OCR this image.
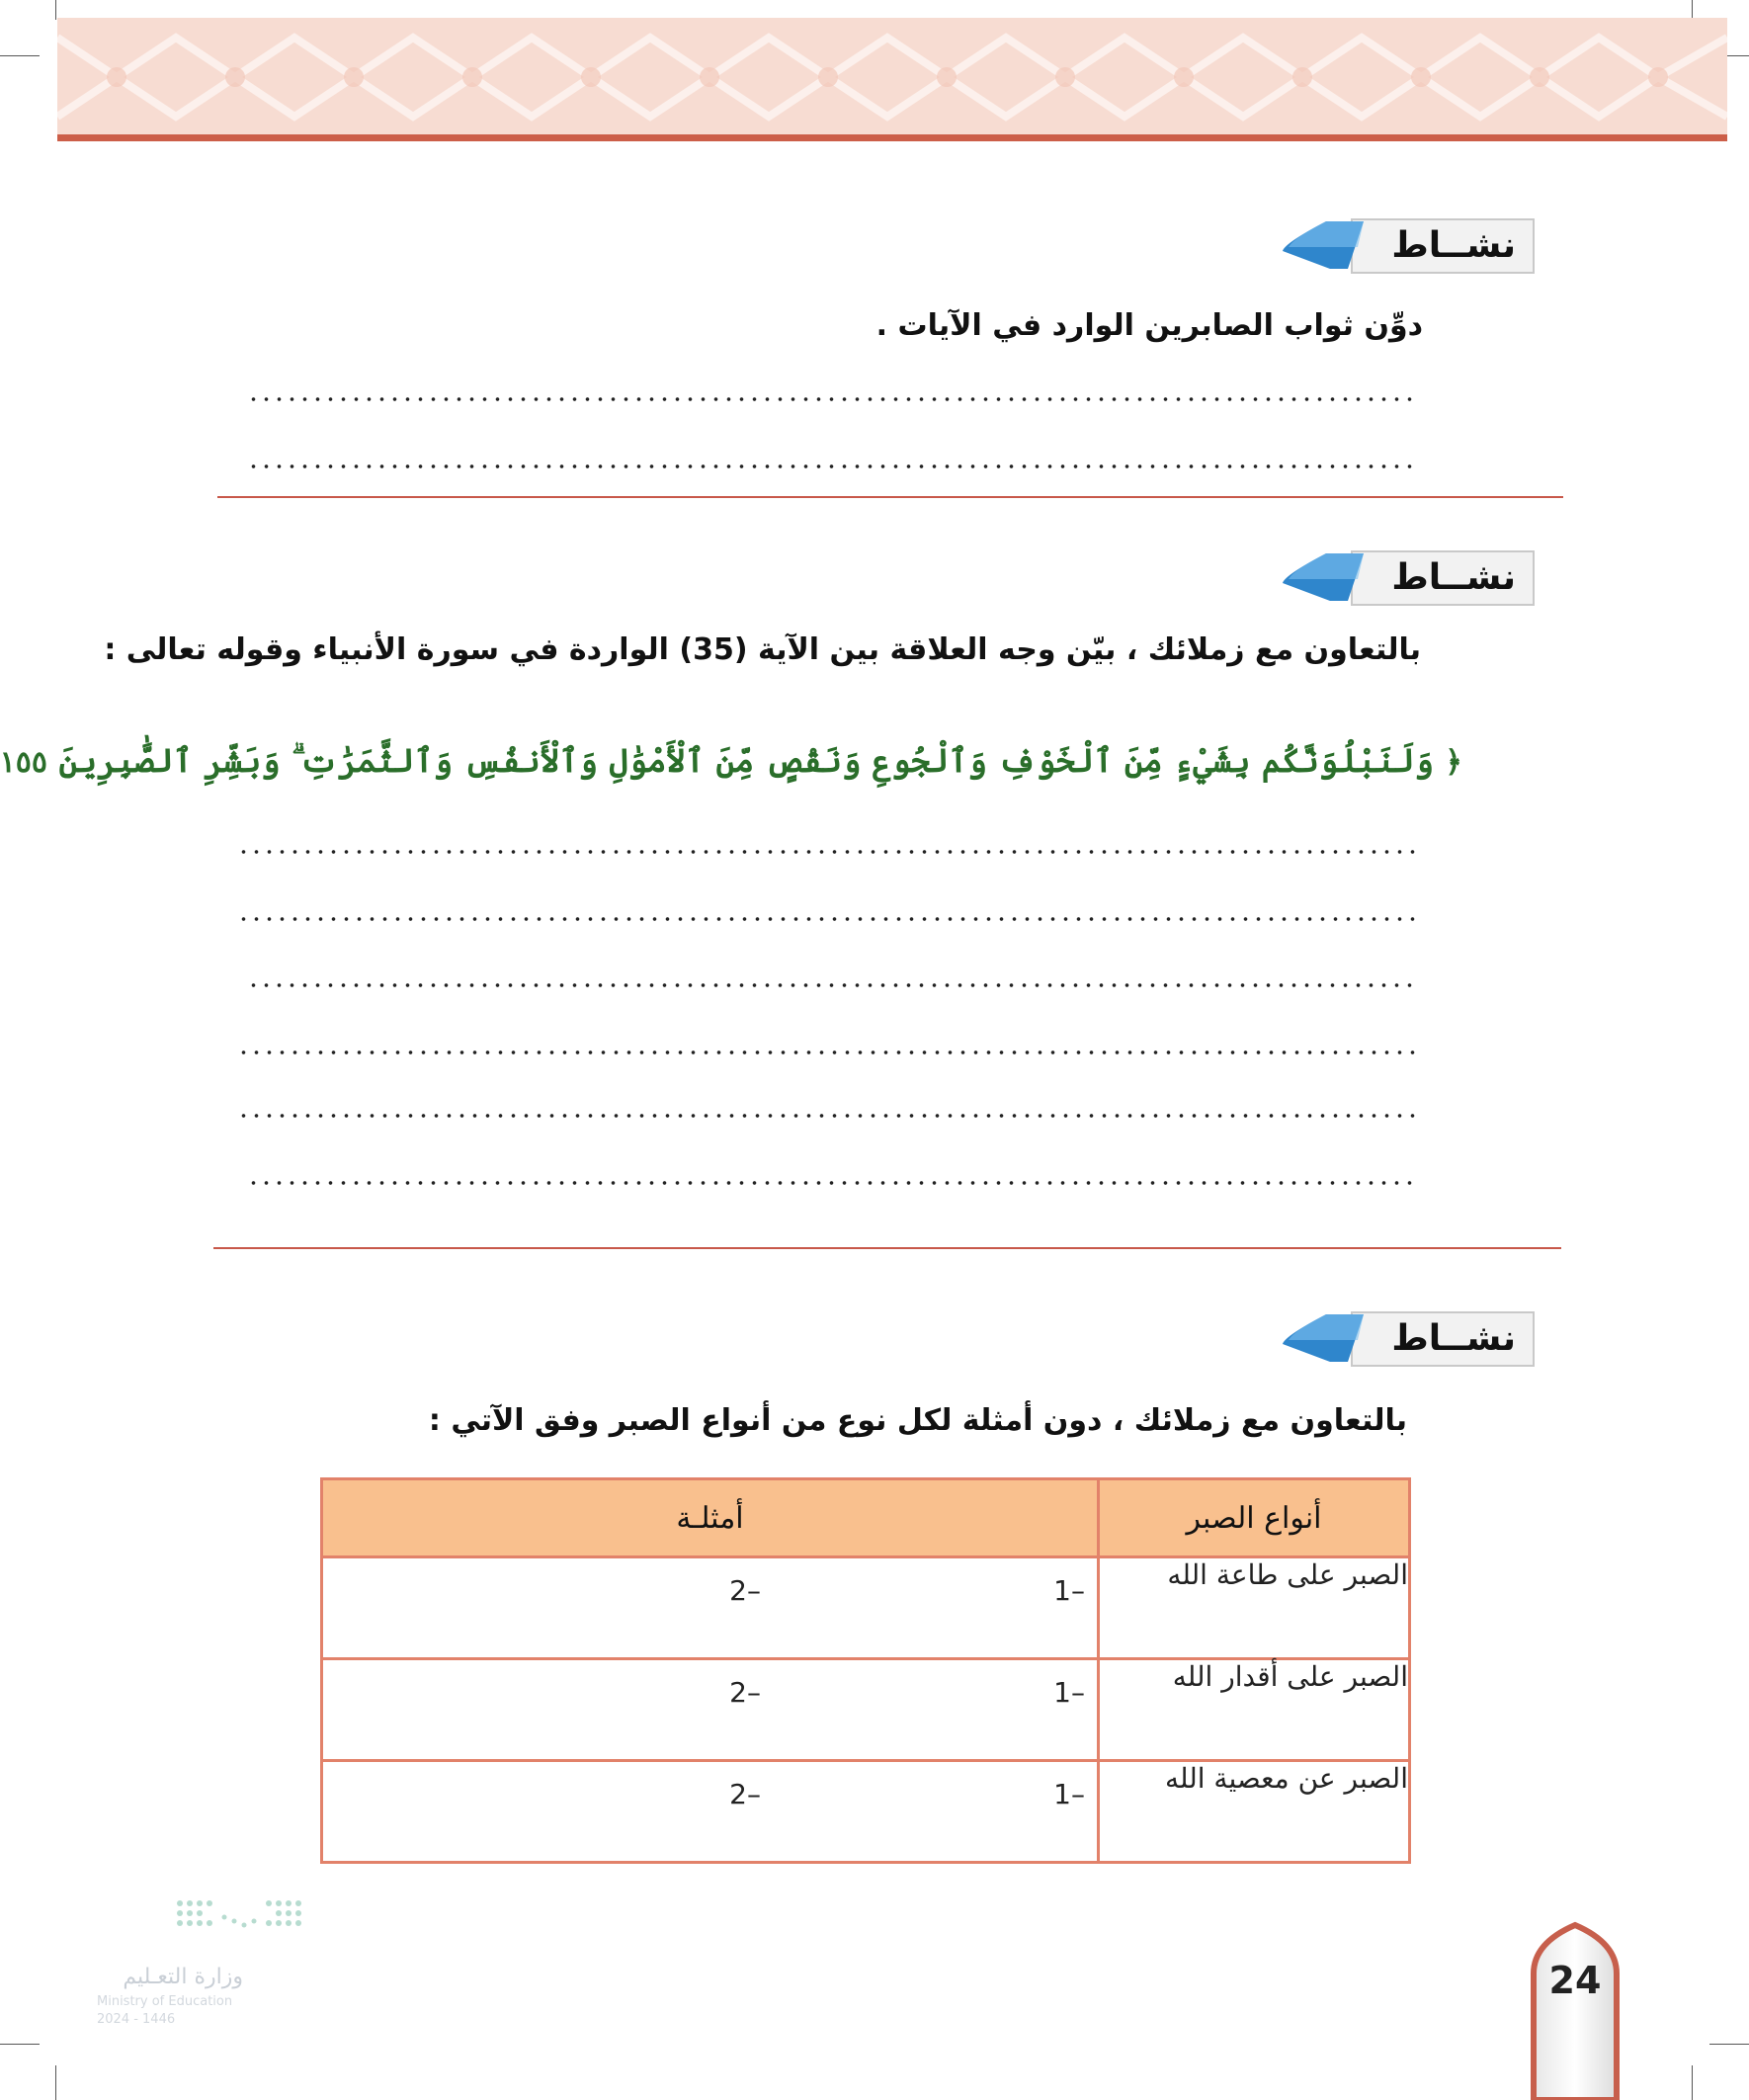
نشــاط
دوِّن ثواب الصابرين الوارد في الآيات .
نشــاط
بالتعاون مع زملائك ، بيّن وجه العلاقة بين الآية (35) الواردة في سورة الأنبياء وقوله تعالى :
﴿ وَلَنَبْلُوَنَّكُم بِشَيْءٍ مِّنَ ٱلْخَوْفِ وَٱلْجُوعِ وَنَقْصٍ مِّنَ ٱلْأَمْوَٰلِ وَٱلْأَنفُسِ وَٱلثَّمَرَٰتِ ۗ وَبَشِّرِ ٱلصَّٰبِرِينَ ١٥٥
نشــاط
بالتعاون مع زملائك ، دون أمثلة لكل نوع من أنواع الصبر وفق الآتي :
أنواع الصبر	أمثلـة
الصبر على طاعة الله	1–
2–

الصبر على أقدار الله	1–
2–

الصبر عن معصية الله	1–
2–
وزارة التعـليم
Ministry of Education
2024 - 1446
24
